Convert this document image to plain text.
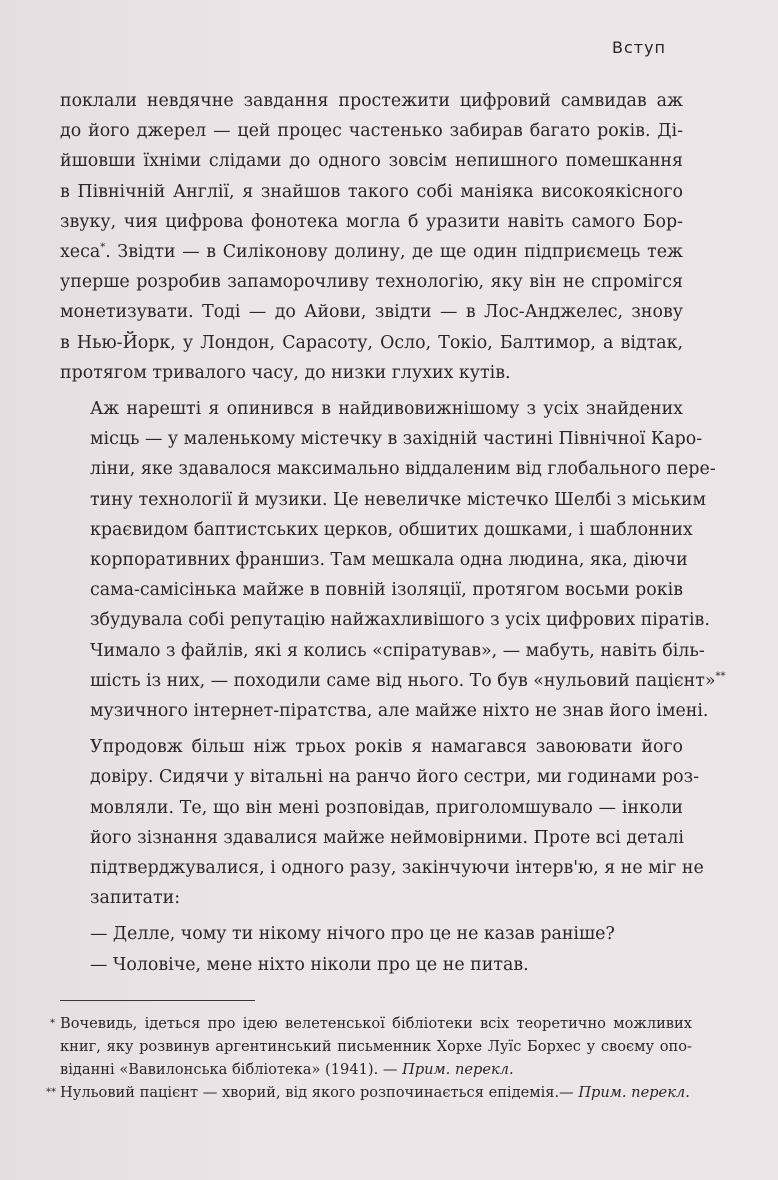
Вступ

поклали невдячне завдання простежити цифровий самвидав аж
до його джерел — цей процес частенько забирав багато років. Ді-
йшовши їхніми слідами до одного зовсім непишного помешкання
в Північній Англії, я знайшов такого собі маніяка високоякісного
звуку, чия цифрова фонотека могла б уразити навіть самого Бор-
хеса*. Звідти — в Силіконову долину, де ще один підприємець теж
уперше розробив запаморочливу технологію, яку він не спромігся
монетизувати. Тоді — до Айови, звідти — в Лос-Анджелес, знову
в Нью-Йорк, у Лондон, Сарасоту, Осло, Токіо, Балтимор, а відтак,
протягом тривалого часу, до низки глухих кутів.

Аж нарешті я опинився в найдивовижнішому з усіх знайдених
місць — у маленькому містечку в західній частині Північної Каро-
ліни, яке здавалося максимально віддаленим від глобального пере-
тину технології й музики. Це невеличке містечко Шелбі з міським
краєвидом баптистських церков, обшитих дошками, і шаблонних
корпоративних франшиз. Там мешкала одна людина, яка, діючи
сама-самісінька майже в повній ізоляції, протягом восьми років
збудувала собі репутацію найжахливішого з усіх цифрових піратів.
Чимало з файлів, які я колись «спіратував», — мабуть, навіть біль-
шість із них, — походили саме від нього. То був «нульовий пацієнт»**
музичного інтернет-піратства, але майже ніхто не знав його імені.

Упродовж більш ніж трьох років я намагався завоювати його
довіру. Сидячи у вітальні на ранчо його сестри, ми годинами роз-
мовляли. Те, що він мені розповідав, приголомшувало — інколи
його зізнання здавалися майже неймовірними. Проте всі деталі
підтверджувалися, і одного разу, закінчуючи інтерв'ю, я не міг не
запитати:

— Делле, чому ти нікому нічого про це не казав раніше?

— Чоловіче, мене ніхто ніколи про це не питав.

* Вочевидь, ідеться про ідею велетенської бібліотеки всіх теоретично можливих
книг, яку розвинув аргентинський письменник Хорхе Луїс Борхес у своєму опо-
віданні «Вавилонська бібліотека» (1941). — Прим. перекл.
** Нульовий пацієнт — хворий, від якого розпочинається епідемія.— Прим. перекл.
